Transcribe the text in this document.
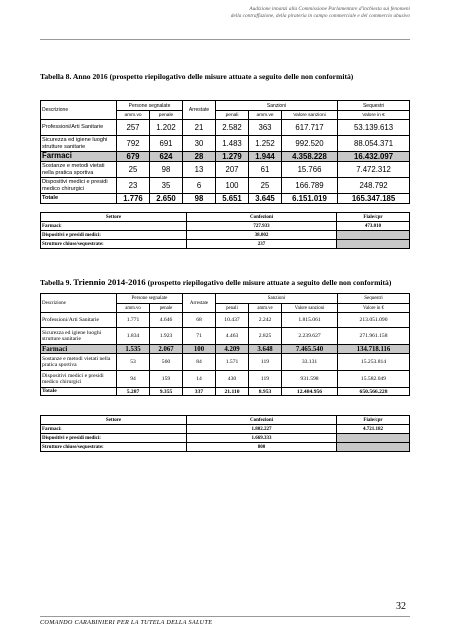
Audizione innanzi alla Commissione Parlamentare d'inchiesta sui fenomeni
della contraffazione, della pirateria in campo commerciale e del commercio abusivo
Tabella 8. Anno 2016 (prospetto riepilogativo delle misure attuate a seguito delle non conformità)
Descrizione	Persone segnalate		Arrestate	Sanzioni			Sequestri
	amm.vo	penale		penali	amm.ve	Valore sanzioni	Valore in €
Professioni/Arti Sanitarie	257	1.202	21	2.582	363	617.717	53.139.613
Sicurezza ed igiene luoghi strutture sanitarie	792	691	30	1.483	1.252	992.520	88.054.371
Farmaci	679	624	28	1.279	1.944	4.358.228	16.432.097
Sostanze e metodi vietati nella pratica sportiva	25	98	13	207	61	15.766	7.472.312
Dispositivi medici e presidi medico chirurgici	23	35	6	100	25	166.789	248.792
Totale	1.776	2.650	98	5.651	3.645	6.151.019	165.347.185
Settore	Confezioni	Fiale/cpr
Farmaci:	727.933	473.010
Dispositivi e presidi medici:	38.002	
Strutture chiuse/sequestrate:	237	
Tabella 9. Triennio 2014-2016 (prospetto riepilogativo delle misure attuate a seguito delle non conformità)
Descrizione	Persone segnalate		Arrestate	Sanzioni			Sequestri
	amm.vo	penale		penali	amm.ve	Valore sanzioni	Valore in €
Professioni/Arti Sanitarie	1.771	4.646	68	10.437	2.242	1.815.061	213.051.090
Sicurezza ed igiene luoghi strutture sanitarie	1.834	1.923	71	4.463	2.825	2.239.627	271.961.158
Farmaci	1.535	2.067	100	4.209	3.648	7.465.540	134.718.116
Sostanze e metodi vietati nella pratica sportiva	53	560	84	1.571	119	33.131	15.253.814
Dispositivi medici e presidi medico chirurgici	94	159	14	430	119	931.598	15.582.049
Totale	5.287	9.355	337	21.110	8.953	12.484.956	650.566.228
Settore	Confezioni	Fiale/cpr
Farmaci:	1.802.227	4.721.182
Dispositivi e presidi medici:	1.669.333	
Strutture chiuse/sequestrate:	800	
32
COMANDO CARABINIERI PER LA TUTELA DELLA SALUTE
